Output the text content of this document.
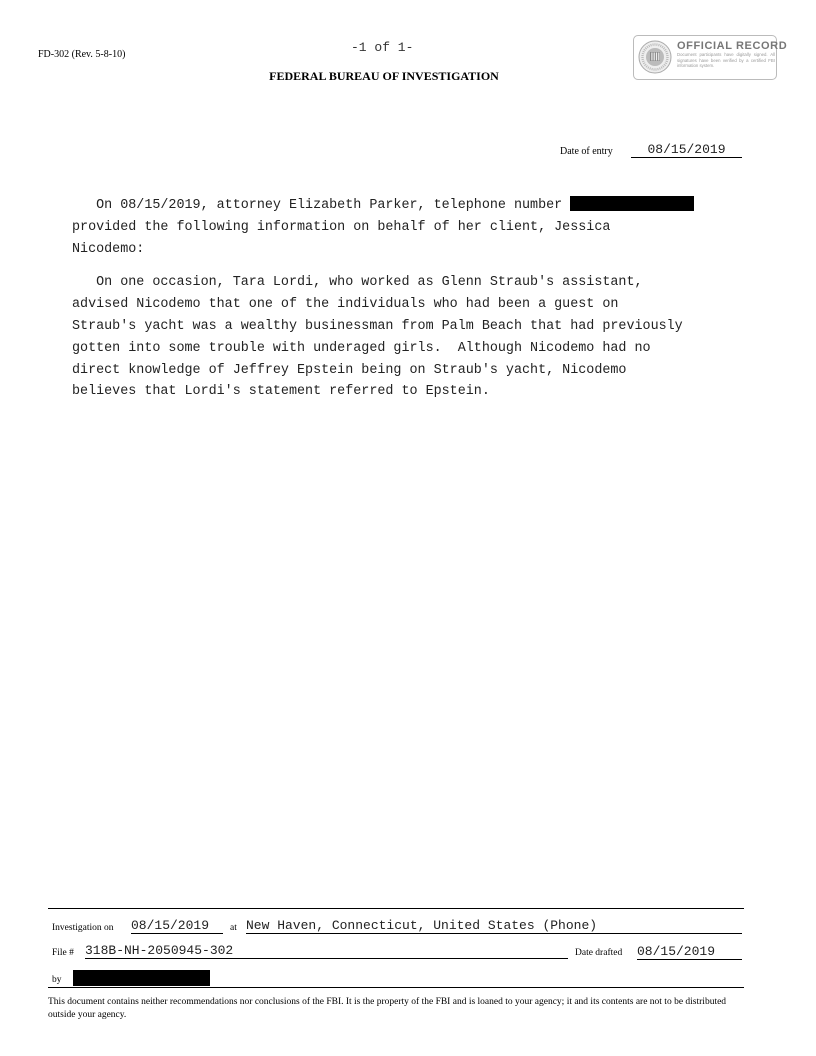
FD-302 (Rev. 5-8-10)	-1 of 1-
FEDERAL BUREAU OF INVESTIGATION
OFFICIAL RECORD
Document participants have digitally signed. All signatures have been verified by a certified FBI information system.
Date of entry	08/15/2019

On 08/15/2019, attorney Elizabeth Parker, telephone number
provided the following information on behalf of her client, Jessica
Nicodemo:

On one occasion, Tara Lordi, who worked as Glenn Straub's assistant,
advised Nicodemo that one of the individuals who had been a guest on
Straub's yacht was a wealthy businessman from Palm Beach that had previously
gotten into some trouble with underaged girls.  Although Nicodemo had no
direct knowledge of Jeffrey Epstein being on Straub's yacht, Nicodemo
believes that Lordi's statement referred to Epstein.

Investigation on 08/15/2019	at New Haven, Connecticut, United States (Phone)
File # 318B-NH-2050945-302	Date drafted 08/15/2019
by
This document contains neither recommendations nor conclusions of the FBI. It is the property of the FBI and is loaned to your agency; it and its contents are not to be distributed outside your agency.
